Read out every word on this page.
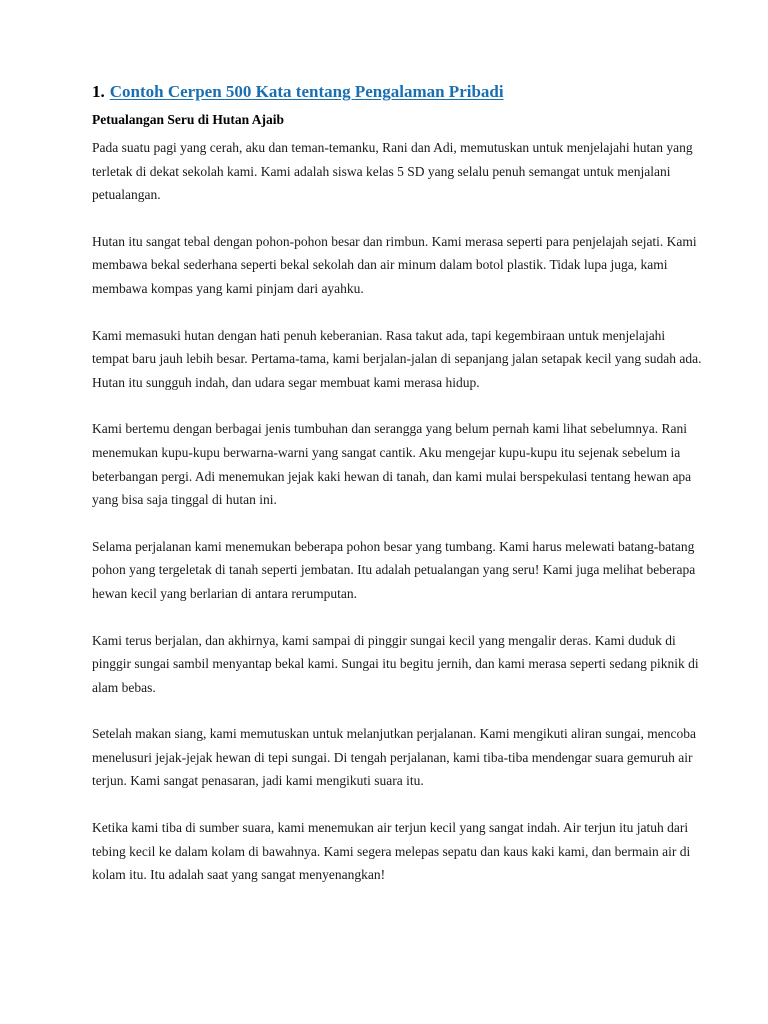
1. Contoh Cerpen 500 Kata tentang Pengalaman Pribadi
Petualangan Seru di Hutan Ajaib

Pada suatu pagi yang cerah, aku dan teman-temanku, Rani dan Adi, memutuskan untuk menjelajahi hutan yang terletak di dekat sekolah kami. Kami adalah siswa kelas 5 SD yang selalu penuh semangat untuk menjalani petualangan.

Hutan itu sangat tebal dengan pohon-pohon besar dan rimbun. Kami merasa seperti para penjelajah sejati. Kami membawa bekal sederhana seperti bekal sekolah dan air minum dalam botol plastik. Tidak lupa juga, kami membawa kompas yang kami pinjam dari ayahku.

Kami memasuki hutan dengan hati penuh keberanian. Rasa takut ada, tapi kegembiraan untuk menjelajahi tempat baru jauh lebih besar. Pertama-tama, kami berjalan-jalan di sepanjang jalan setapak kecil yang sudah ada. Hutan itu sungguh indah, dan udara segar membuat kami merasa hidup.

Kami bertemu dengan berbagai jenis tumbuhan dan serangga yang belum pernah kami lihat sebelumnya. Rani menemukan kupu-kupu berwarna-warni yang sangat cantik. Aku mengejar kupu-kupu itu sejenak sebelum ia beterbangan pergi. Adi menemukan jejak kaki hewan di tanah, dan kami mulai berspekulasi tentang hewan apa yang bisa saja tinggal di hutan ini.

Selama perjalanan kami menemukan beberapa pohon besar yang tumbang. Kami harus melewati batang-batang pohon yang tergeletak di tanah seperti jembatan. Itu adalah petualangan yang seru! Kami juga melihat beberapa hewan kecil yang berlarian di antara rerumputan.

Kami terus berjalan, dan akhirnya, kami sampai di pinggir sungai kecil yang mengalir deras. Kami duduk di pinggir sungai sambil menyantap bekal kami. Sungai itu begitu jernih, dan kami merasa seperti sedang piknik di alam bebas.

Setelah makan siang, kami memutuskan untuk melanjutkan perjalanan. Kami mengikuti aliran sungai, mencoba menelusuri jejak-jejak hewan di tepi sungai. Di tengah perjalanan, kami tiba-tiba mendengar suara gemuruh air terjun. Kami sangat penasaran, jadi kami mengikuti suara itu.

Ketika kami tiba di sumber suara, kami menemukan air terjun kecil yang sangat indah. Air terjun itu jatuh dari tebing kecil ke dalam kolam di bawahnya. Kami segera melepas sepatu dan kaus kaki kami, dan bermain air di kolam itu. Itu adalah saat yang sangat menyenangkan!
